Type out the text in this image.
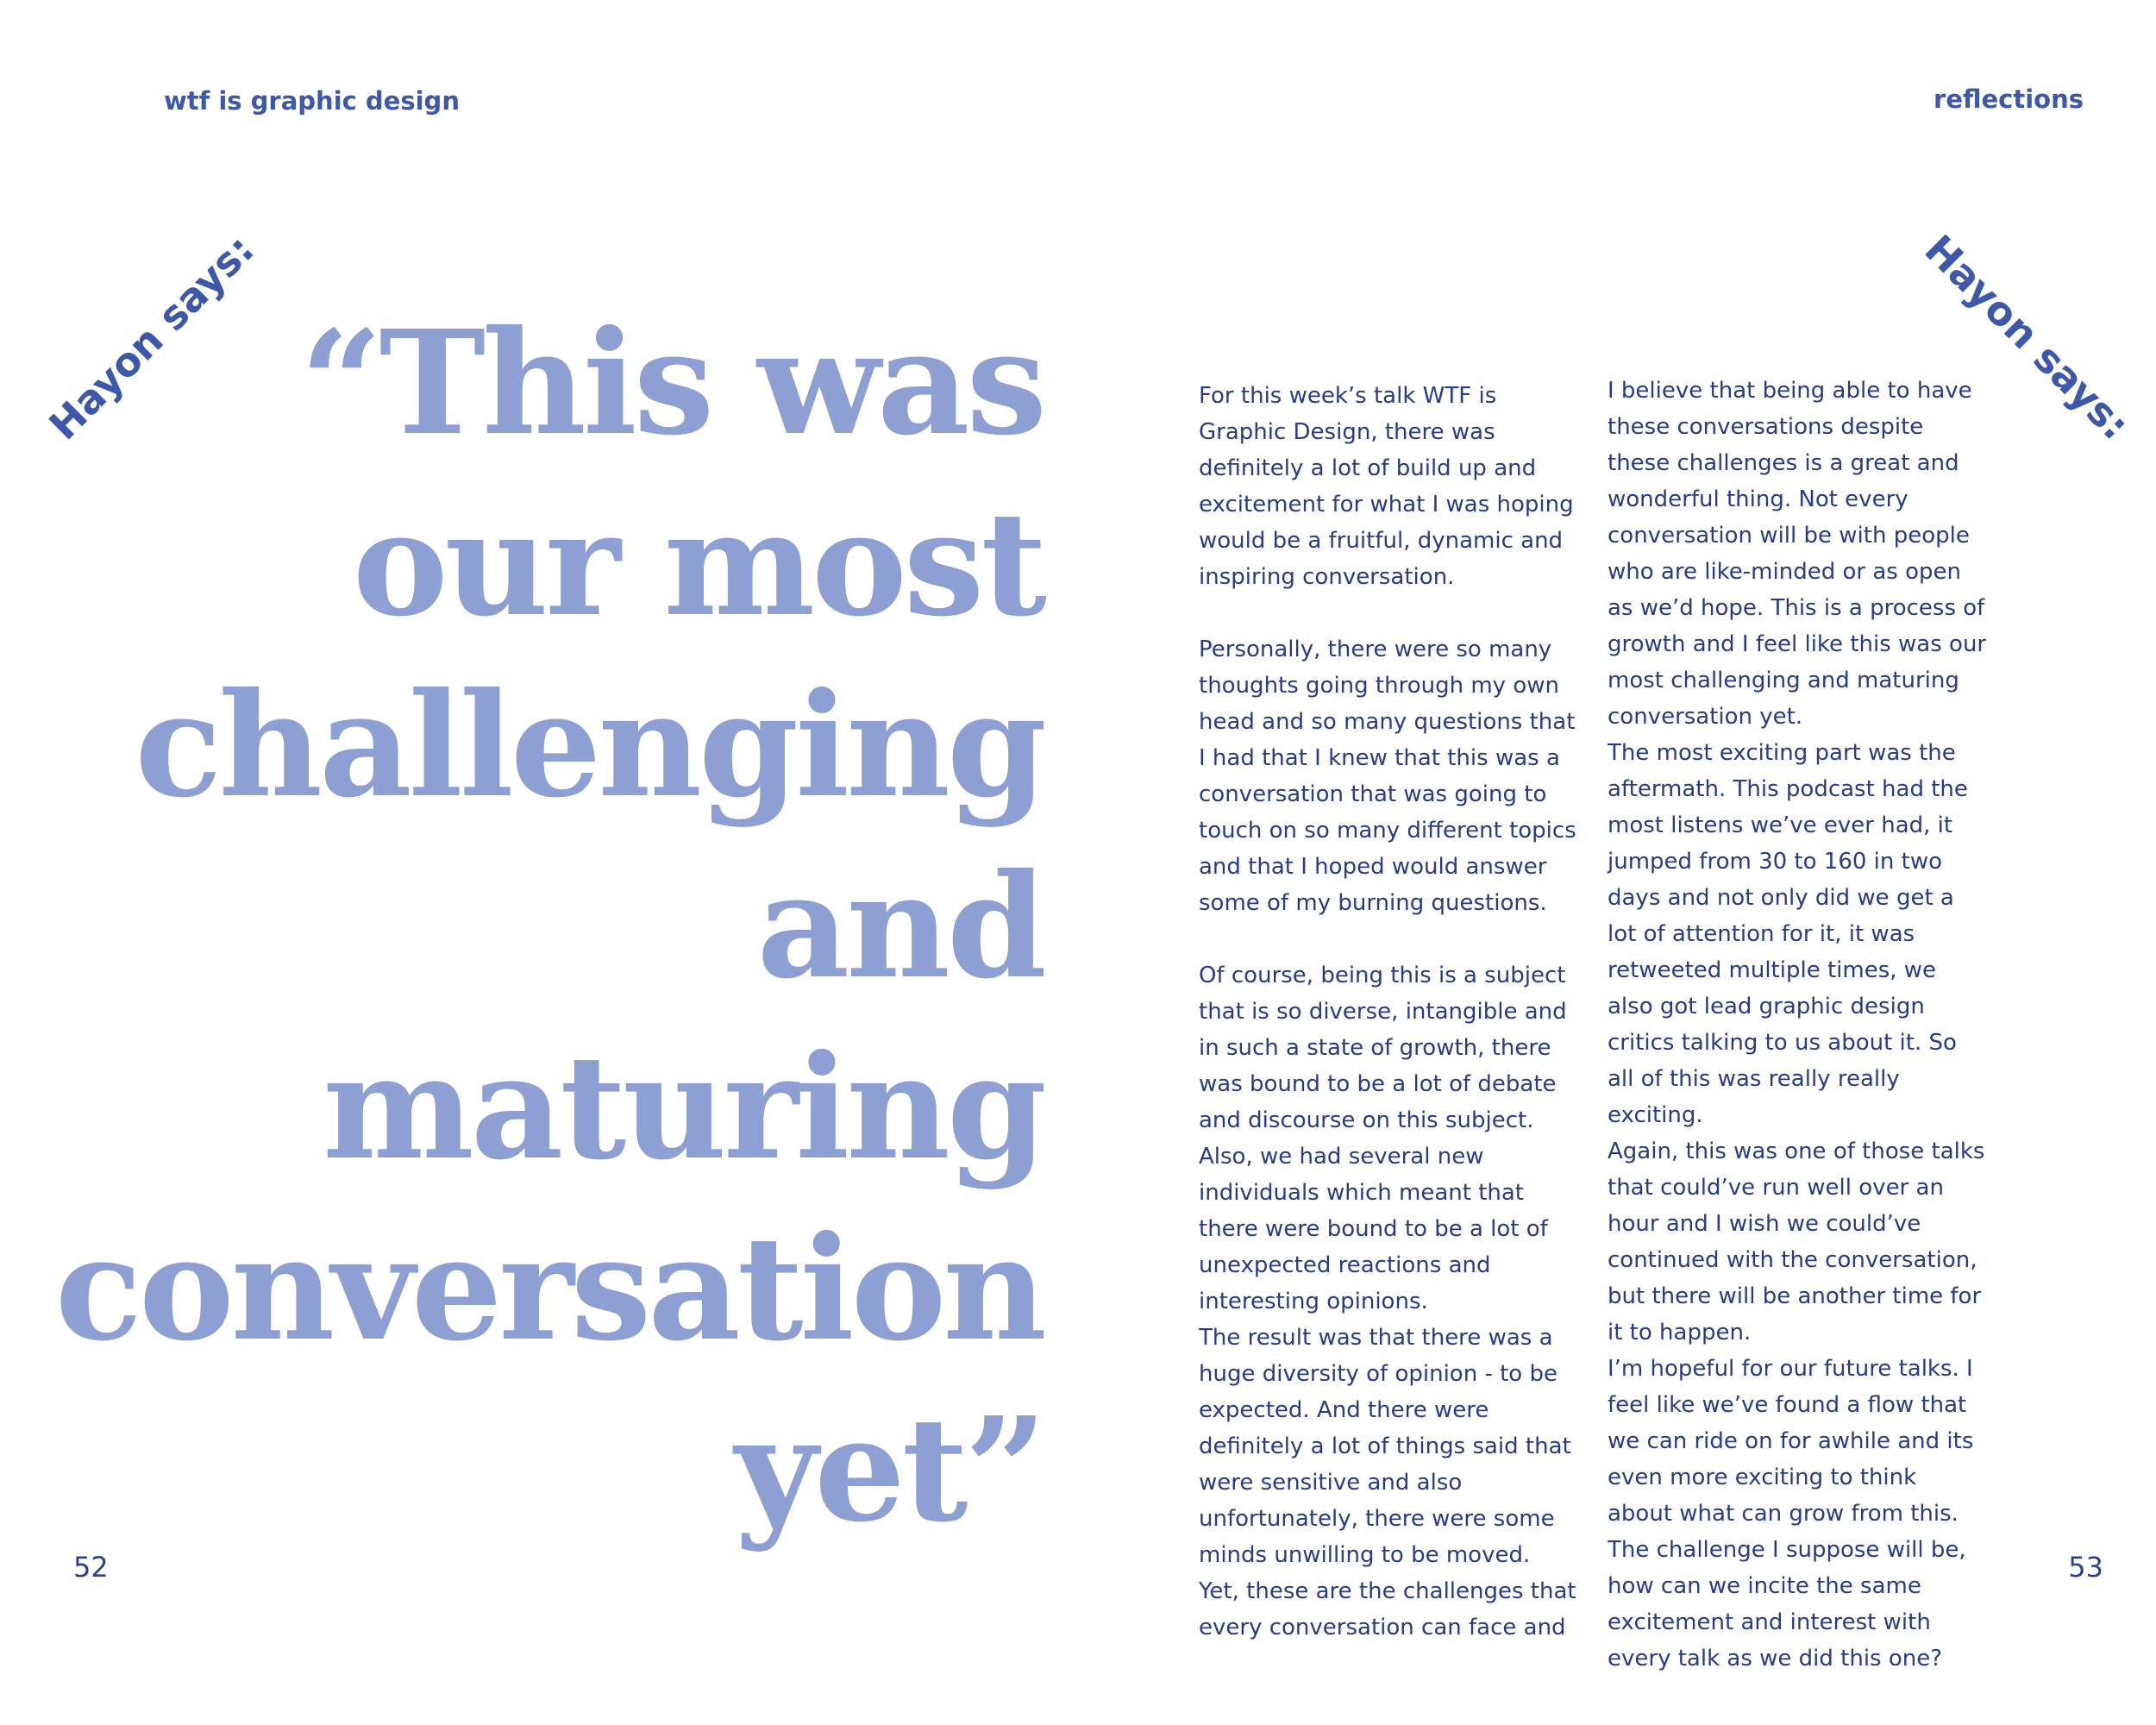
wtf is graphic design
Hayon says: “This was
our most
challenging
and
maturing
conversation
yet”
52
reflections
Hayon says:

For this week’s talk WTF is Graphic Design, there was definitely a lot of build up and excitement for what I was hoping would be a fruitful, dynamic and inspiring conversation.

Personally, there were so many thoughts going through my own head and so many questions that I had that I knew that this was a conversation that was going to touch on so many different topics and that I hoped would answer some of my burning questions.

Of course, being this is a subject that is so diverse, intangible and in such a state of growth, there was bound to be a lot of debate and discourse on this subject. Also, we had several new individuals which meant that there were bound to be a lot of unexpected reactions and interesting opinions.

The result was that there was a huge diversity of opinion - to be expected. And there were definitely a lot of things said that were sensitive and also unfortunately, there were some minds unwilling to be moved.

Yet, these are the challenges that every conversation can face and

I believe that being able to have these conversations despite these challenges is a great and wonderful thing. Not every conversation will be with people who are like-minded or as open as we’d hope. This is a process of growth and I feel like this was our most challenging and maturing conversation yet.

The most exciting part was the aftermath. This podcast had the most listens we’ve ever had, it jumped from 30 to 160 in two days and not only did we get a lot of attention for it, it was retweeted multiple times, we also got lead graphic design critics talking to us about it. So all of this was really really exciting.

Again, this was one of those talks that could’ve run well over an hour and I wish we could’ve continued with the conversation, but there will be another time for it to happen.

I’m hopeful for our future talks. I feel like we’ve found a flow that we can ride on for awhile and its even more exciting to think about what can grow from this. The challenge I suppose will be, how can we incite the same excitement and interest with every talk as we did this one?

53
